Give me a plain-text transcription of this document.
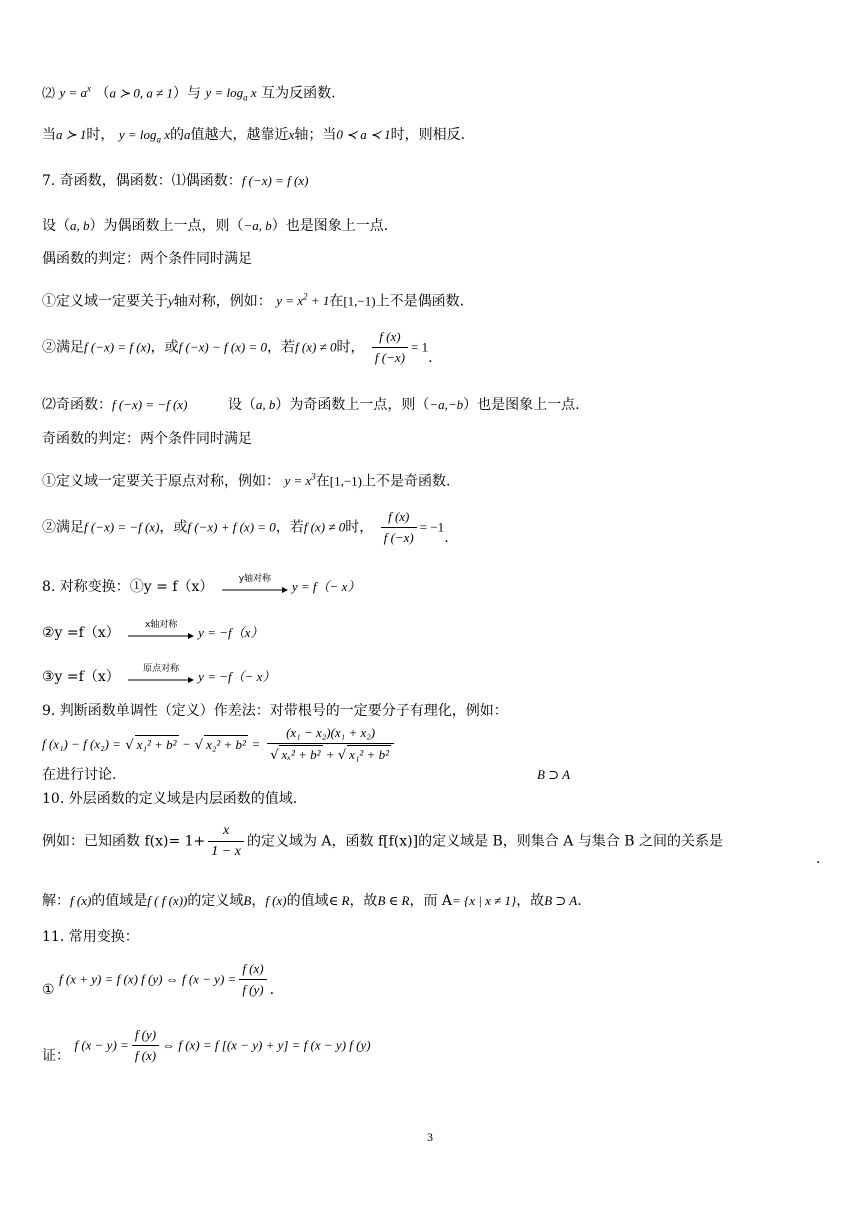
⑵ $y = a^x$ （a ≻ 0, a ≠ 1）与 $y = \log_a x$ 互为反函数.
当a ≻ 1时， $y = \log_a x$的a值越大，越靠近x轴；当0 ≺ a ≺ 1时，则相反.
7. 奇函数，偶函数：⑴偶函数：f (−x) = f (x)
设（a, b）为偶函数上一点，则（−a, b）也是图象上一点.
偶函数的判定：两个条件同时满足
①定义域一定要关于y轴对称，例如： $y = x^2 + 1$在[1,−1)上不是偶函数.
②满足f (−x) = f (x)，或f (−x) − f (x) = 0，若f (x) ≠ 0时， $\frac{f (x)}{f (-x)} = 1$.
⑵奇函数：f (−x) = −f (x)	设（a, b）为奇函数上一点，则（−a,−b）也是图象上一点.
奇函数的判定：两个条件同时满足
①定义域一定要关于原点对称，例如： $y = x^3$在[1,−1)上不是奇函数.
②满足f (−x) = −f (x)，或f (−x) + f (x) = 0，若f (x) ≠ 0时， $\frac{f (x)}{f (-x)} = -1$.
8. 对称变换：①y = f（x）	y轴对称	y = f（− x）
②y =f（x）	x轴对称	y = −f（x）
③y =f（x）	原点对称	y = −f（− x）
9. 判断函数单调性（定义）作差法：对带根号的一定要分子有理化，例如：
f (x₁) − f (x₂) = √ x₁² + b² − √ $x_2^2 + b^2 = \frac{\text{(x₁ − x₂)(x₁ + x₂)}}{\text{√ xₓ² + b² + √ x₁² + b²}}$
在进行讨论.	B ⊃ A
10. 外层函数的定义域是内层函数的值域.
例如：已知函数 $f(x)= 1+ \frac{x}{1 - x}$ 的定义域为 A，函数 f[f(x)]的定义域是 B，则集合 A 与集合 B 之间的关系是
.
解：f (x)的值域是f ( f (x))的定义域B，f (x)的值域∈ R，故B ∈ R，而 A= {x | x ≠ 1}，故B ⊃ A.
11. 常用变换：
① f (x + y) = f (x) f (y) ⇔ f $(x - y) = \frac{f (x)}{f (y)}$ .
证： f $(x - y) = \frac{f (y)}{f (x)}$ ⇔ f (x) = f [(x − y) + y] = f (x − y) f (y)
3
